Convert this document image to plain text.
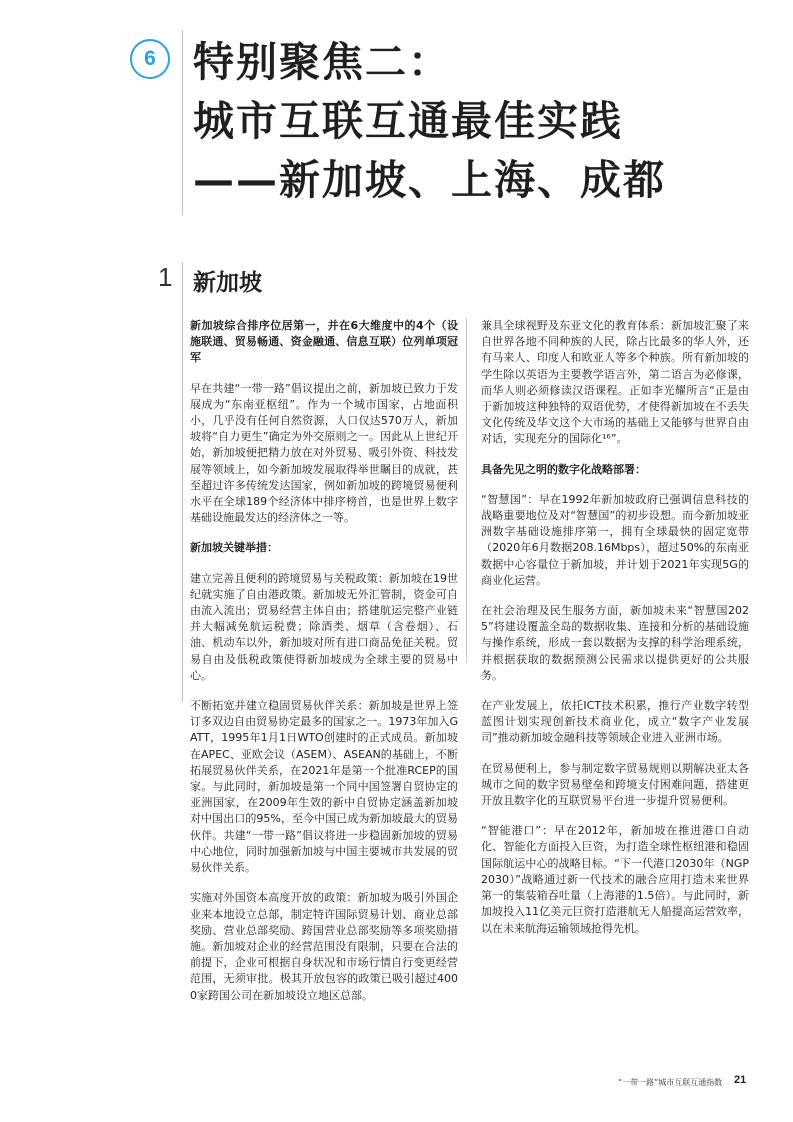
6 特别聚焦二：
城市互联互通最佳实践
——新加坡、上海、成都
1 新加坡

新加坡综合排序位居第一，并在6大维度中的4个（设施联通、贸易畅通、资金融通、信息互联）位列单项冠军

早在共建“一带一路”倡议提出之前，新加坡已致力于发展成为“东南亚枢纽”。作为一个城市国家，占地面积小，几乎没有任何自然资源，人口仅达570万人，新加坡将“自力更生”确定为外交原则之一。因此从上世纪开始，新加坡便把精力放在对外贸易、吸引外资、科技发展等领域上，如今新加坡发展取得举世瞩目的成就，甚至超过许多传统发达国家，例如新加坡的跨境贸易便利水平在全球189个经济体中排序榜首，也是世界上数字基础设施最发达的经济体之一等。

新加坡关键举措：

建立完善且便利的跨境贸易与关税政策：新加坡在19世纪就实施了自由港政策。新加坡无外汇管制，资金可自由流入流出；贸易经营主体自由；搭建航运完整产业链并大幅减免航运税费；除酒类、烟草（含卷烟）、石油、机动车以外，新加坡对所有进口商品免征关税。贸易自由及低税政策使得新加坡成为全球主要的贸易中心。

不断拓宽并建立稳固贸易伙伴关系：新加坡是世界上签订多双边自由贸易协定最多的国家之一。1973年加入GATT，1995年1月1日WTO创建时的正式成员。新加坡在APEC、亚欧会议（ASEM）、ASEAN的基础上，不断拓展贸易伙伴关系，在2021年是第一个批准RCEP的国家。与此同时，新加坡是第一个同中国签署自贸协定的亚洲国家，在2009年生效的新中自贸协定涵盖新加坡对中国出口的95%，至今中国已成为新加坡最大的贸易伙伴。共建“一带一路”倡议将进一步稳固新加坡的贸易中心地位，同时加强新加坡与中国主要城市共发展的贸易伙伴关系。

实施对外国资本高度开放的政策：新加坡为吸引外国企业来本地设立总部，制定特许国际贸易计划、商业总部奖励、营业总部奖励、跨国营业总部奖励等多项奖励措施。新加坡对企业的经营范围没有限制，只要在合法的前提下，企业可根据自身状况和市场行情自行变更经营范围，无须审批。极其开放包容的政策已吸引超过4000家跨国公司在新加坡设立地区总部。

兼具全球视野及东亚文化的教育体系：新加坡汇聚了来自世界各地不同种族的人民，除占比最多的华人外，还有马来人、印度人和欧亚人等多个种族。所有新加坡的学生除以英语为主要教学语言外，第二语言为必修课，而华人则必须修读汉语课程。正如李光耀所言“正是由于新加坡这种独特的双语优势，才使得新加坡在不丢失文化传统及华文这个大市场的基础上又能够与世界自由对话，实现充分的国际化¹⁶”。

具备先见之明的数字化战略部署：

“智慧国”：早在1992年新加坡政府已强调信息科技的战略重要地位及对“智慧国”的初步设想。而今新加坡亚洲数字基础设施排序第一，拥有全球最快的固定宽带（2020年6月数据208.16Mbps），超过50%的东南亚数据中心容量位于新加坡，并计划于2021年实现5G的商业化运营。

在社会治理及民生服务方面，新加坡未来“智慧国2025”将建设覆盖全岛的数据收集、连接和分析的基础设施与操作系统，形成一套以数据为支撑的科学治理系统，并根据获取的数据预测公民需求以提供更好的公共服务。

在产业发展上，依托ICT技术积累，推行产业数字转型蓝图计划实现创新技术商业化，成立“数字产业发展司”推动新加坡金融科技等领域企业进入亚洲市场。

在贸易便利上，参与制定数字贸易规则以期解决亚太各城市之间的数字贸易壁垒和跨境支付困难问题，搭建更开放且数字化的互联贸易平台进一步提升贸易便利。

“智能港口”：早在2012年，新加坡在推进港口自动化、智能化方面投入巨资，为打造全球性枢纽港和稳固国际航运中心的战略目标。“下一代港口2030年（NGP2030）”战略通过新一代技术的融合应用打造未来世界第一的集装箱吞吐量（上海港的1.5倍）。与此同时，新加坡投入11亿美元巨资打造港航无人船提高运营效率，以在未来航海运输领域抢得先机。

“一带一路”城市互联互通指数 21
